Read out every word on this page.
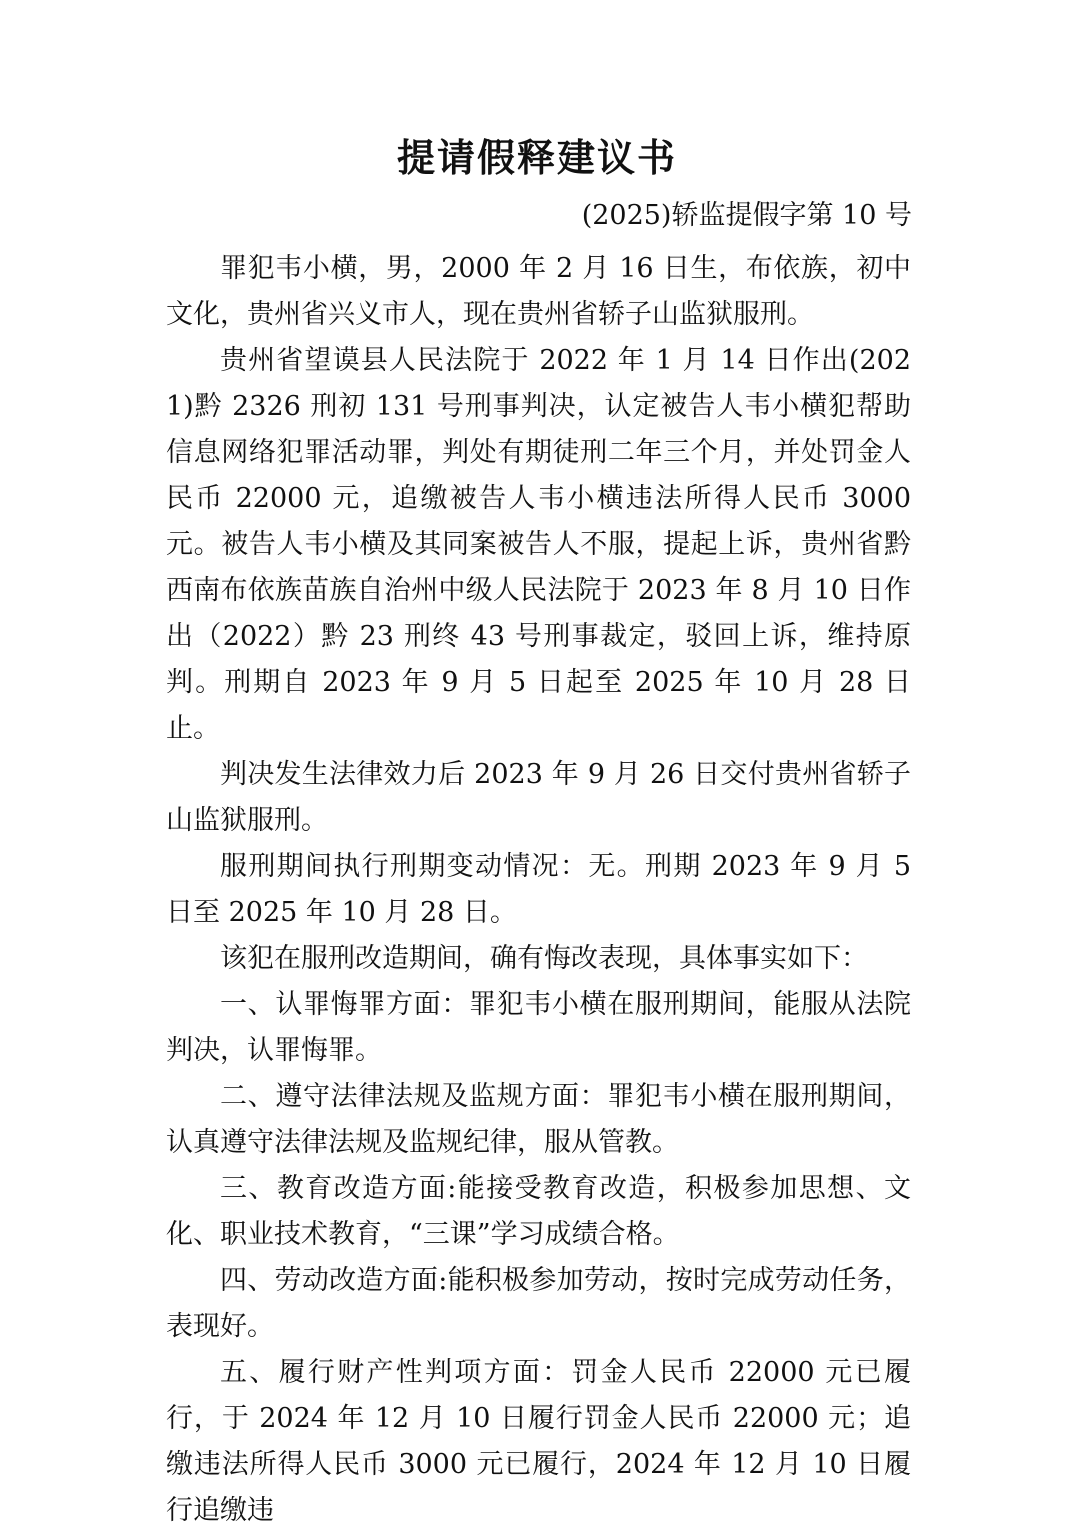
提请假释建议书
(2025)轿监提假字第 10 号

罪犯韦小横，男，2000 年 2 月 16 日生，布依族，初中文化，贵州省兴义市人，现在贵州省轿子山监狱服刑。

贵州省望谟县人民法院于 2022 年 1 月 14 日作出(2021)黔 2326 刑初 131 号刑事判决，认定被告人韦小横犯帮助信息网络犯罪活动罪，判处有期徒刑二年三个月，并处罚金人民币 22000 元，追缴被告人韦小横违法所得人民币 3000 元。被告人韦小横及其同案被告人不服，提起上诉，贵州省黔西南布依族苗族自治州中级人民法院于 2023 年 8 月 10 日作出（2022）黔 23 刑终 43 号刑事裁定，驳回上诉，维持原判。刑期自 2023 年 9 月 5 日起至 2025 年 10 月 28 日止。

判决发生法律效力后 2023 年 9 月 26 日交付贵州省轿子山监狱服刑。

服刑期间执行刑期变动情况：无。刑期 2023 年 9 月 5 日至 2025 年 10 月 28 日。

该犯在服刑改造期间，确有悔改表现，具体事实如下：

一、认罪悔罪方面：罪犯韦小横在服刑期间，能服从法院判决，认罪悔罪。

二、遵守法律法规及监规方面：罪犯韦小横在服刑期间，认真遵守法律法规及监规纪律，服从管教。

三、教育改造方面:能接受教育改造，积极参加思想、文化、职业技术教育，“三课”学习成绩合格。

四、劳动改造方面:能积极参加劳动，按时完成劳动任务，表现好。

五、履行财产性判项方面：罚金人民币 22000 元已履行，于 2024 年 12 月 10 日履行罚金人民币 22000 元；追缴违法所得人民币 3000 元已履行，2024 年 12 月 10 日履行追缴违
